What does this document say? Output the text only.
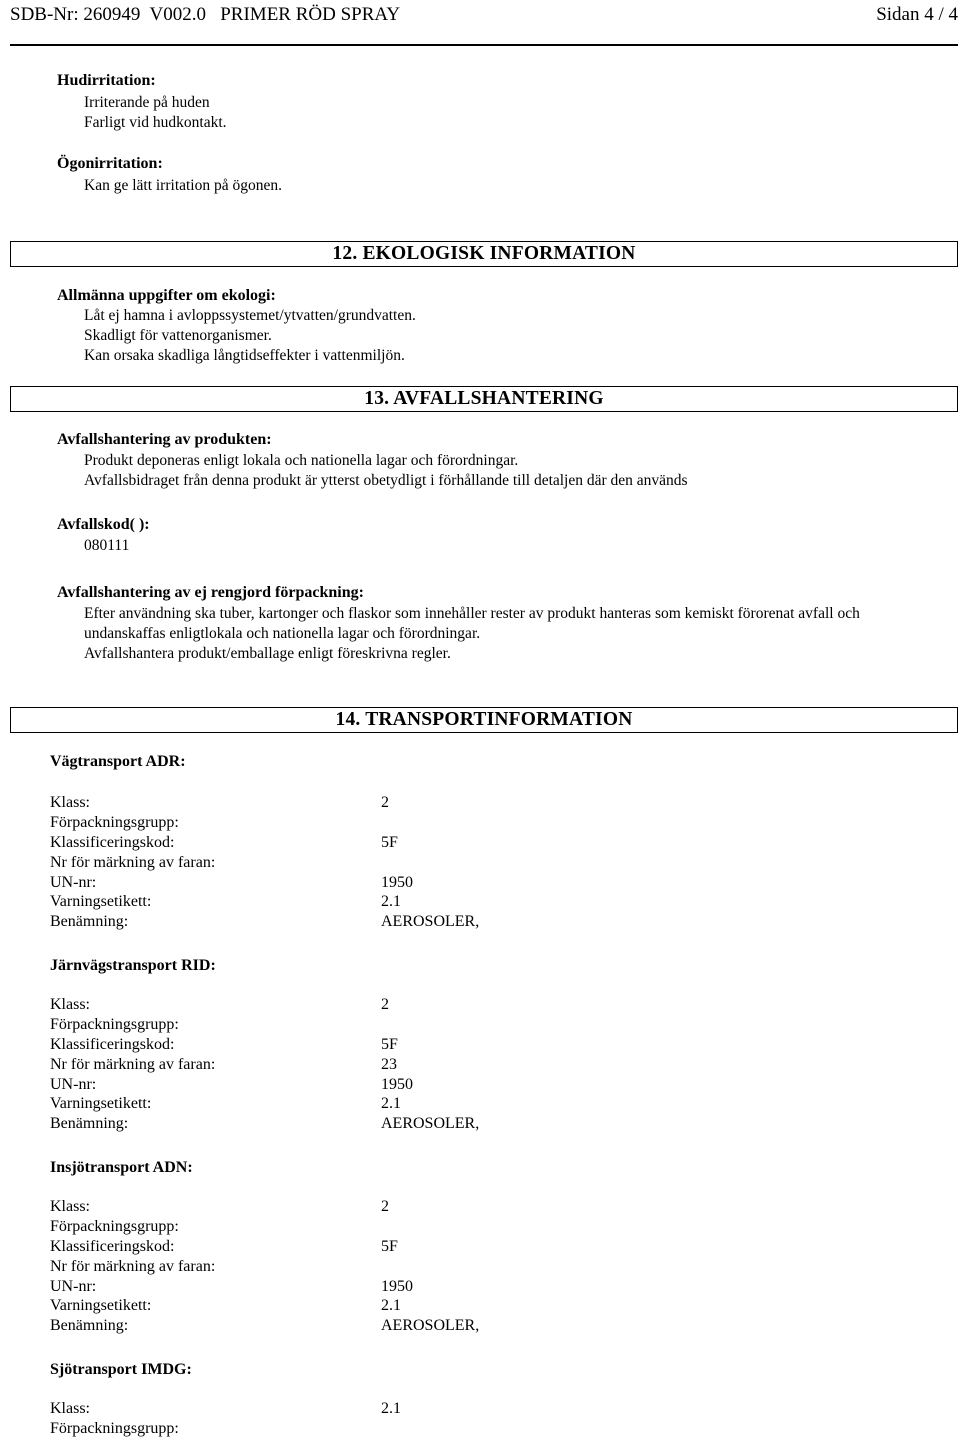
SDB-Nr: 260949  V002.0   PRIMER RÖD SPRAY	Sidan 4 / 4
Hudirritation:
Irriterande på huden
Farligt vid hudkontakt.
Ögonirritation:
Kan ge lätt irritation på ögonen.
12. EKOLOGISK INFORMATION
Allmänna uppgifter om ekologi:
Låt ej hamna i avloppssystemet/ytvatten/grundvatten.
Skadligt för vattenorganismer.
Kan orsaka skadliga långtidseffekter i vattenmiljön.
13. AVFALLSHANTERING
Avfallshantering av produkten:
Produkt deponeras enligt lokala och nationella lagar och förordningar.
Avfallsbidraget från denna produkt är ytterst obetydligt i förhållande till detaljen där den används
Avfallskod( ):
080111
Avfallshantering av ej rengjord förpackning:
Efter användning ska tuber, kartonger och flaskor som innehåller rester av produkt hanteras som kemiskt förorenat avfall och
undanskaffas enligtlokala och nationella lagar och förordningar.
Avfallshantera produkt/emballage enligt föreskrivna regler.
14. TRANSPORTINFORMATION
Vägtransport ADR:
Klass:	2
Förpackningsgrupp:
Klassificeringskod:	5F
Nr för märkning av faran:
UN-nr:	1950
Varningsetikett:	2.1
Benämning:	AEROSOLER,
Järnvägstransport RID:
Klass:	2
Förpackningsgrupp:
Klassificeringskod:	5F
Nr för märkning av faran:	23
UN-nr:	1950
Varningsetikett:	2.1
Benämning:	AEROSOLER,
Insjötransport ADN:
Klass:	2
Förpackningsgrupp:
Klassificeringskod:	5F
Nr för märkning av faran:
UN-nr:	1950
Varningsetikett:	2.1
Benämning:	AEROSOLER,
Sjötransport IMDG:
Klass:	2.1
Förpackningsgrupp:
